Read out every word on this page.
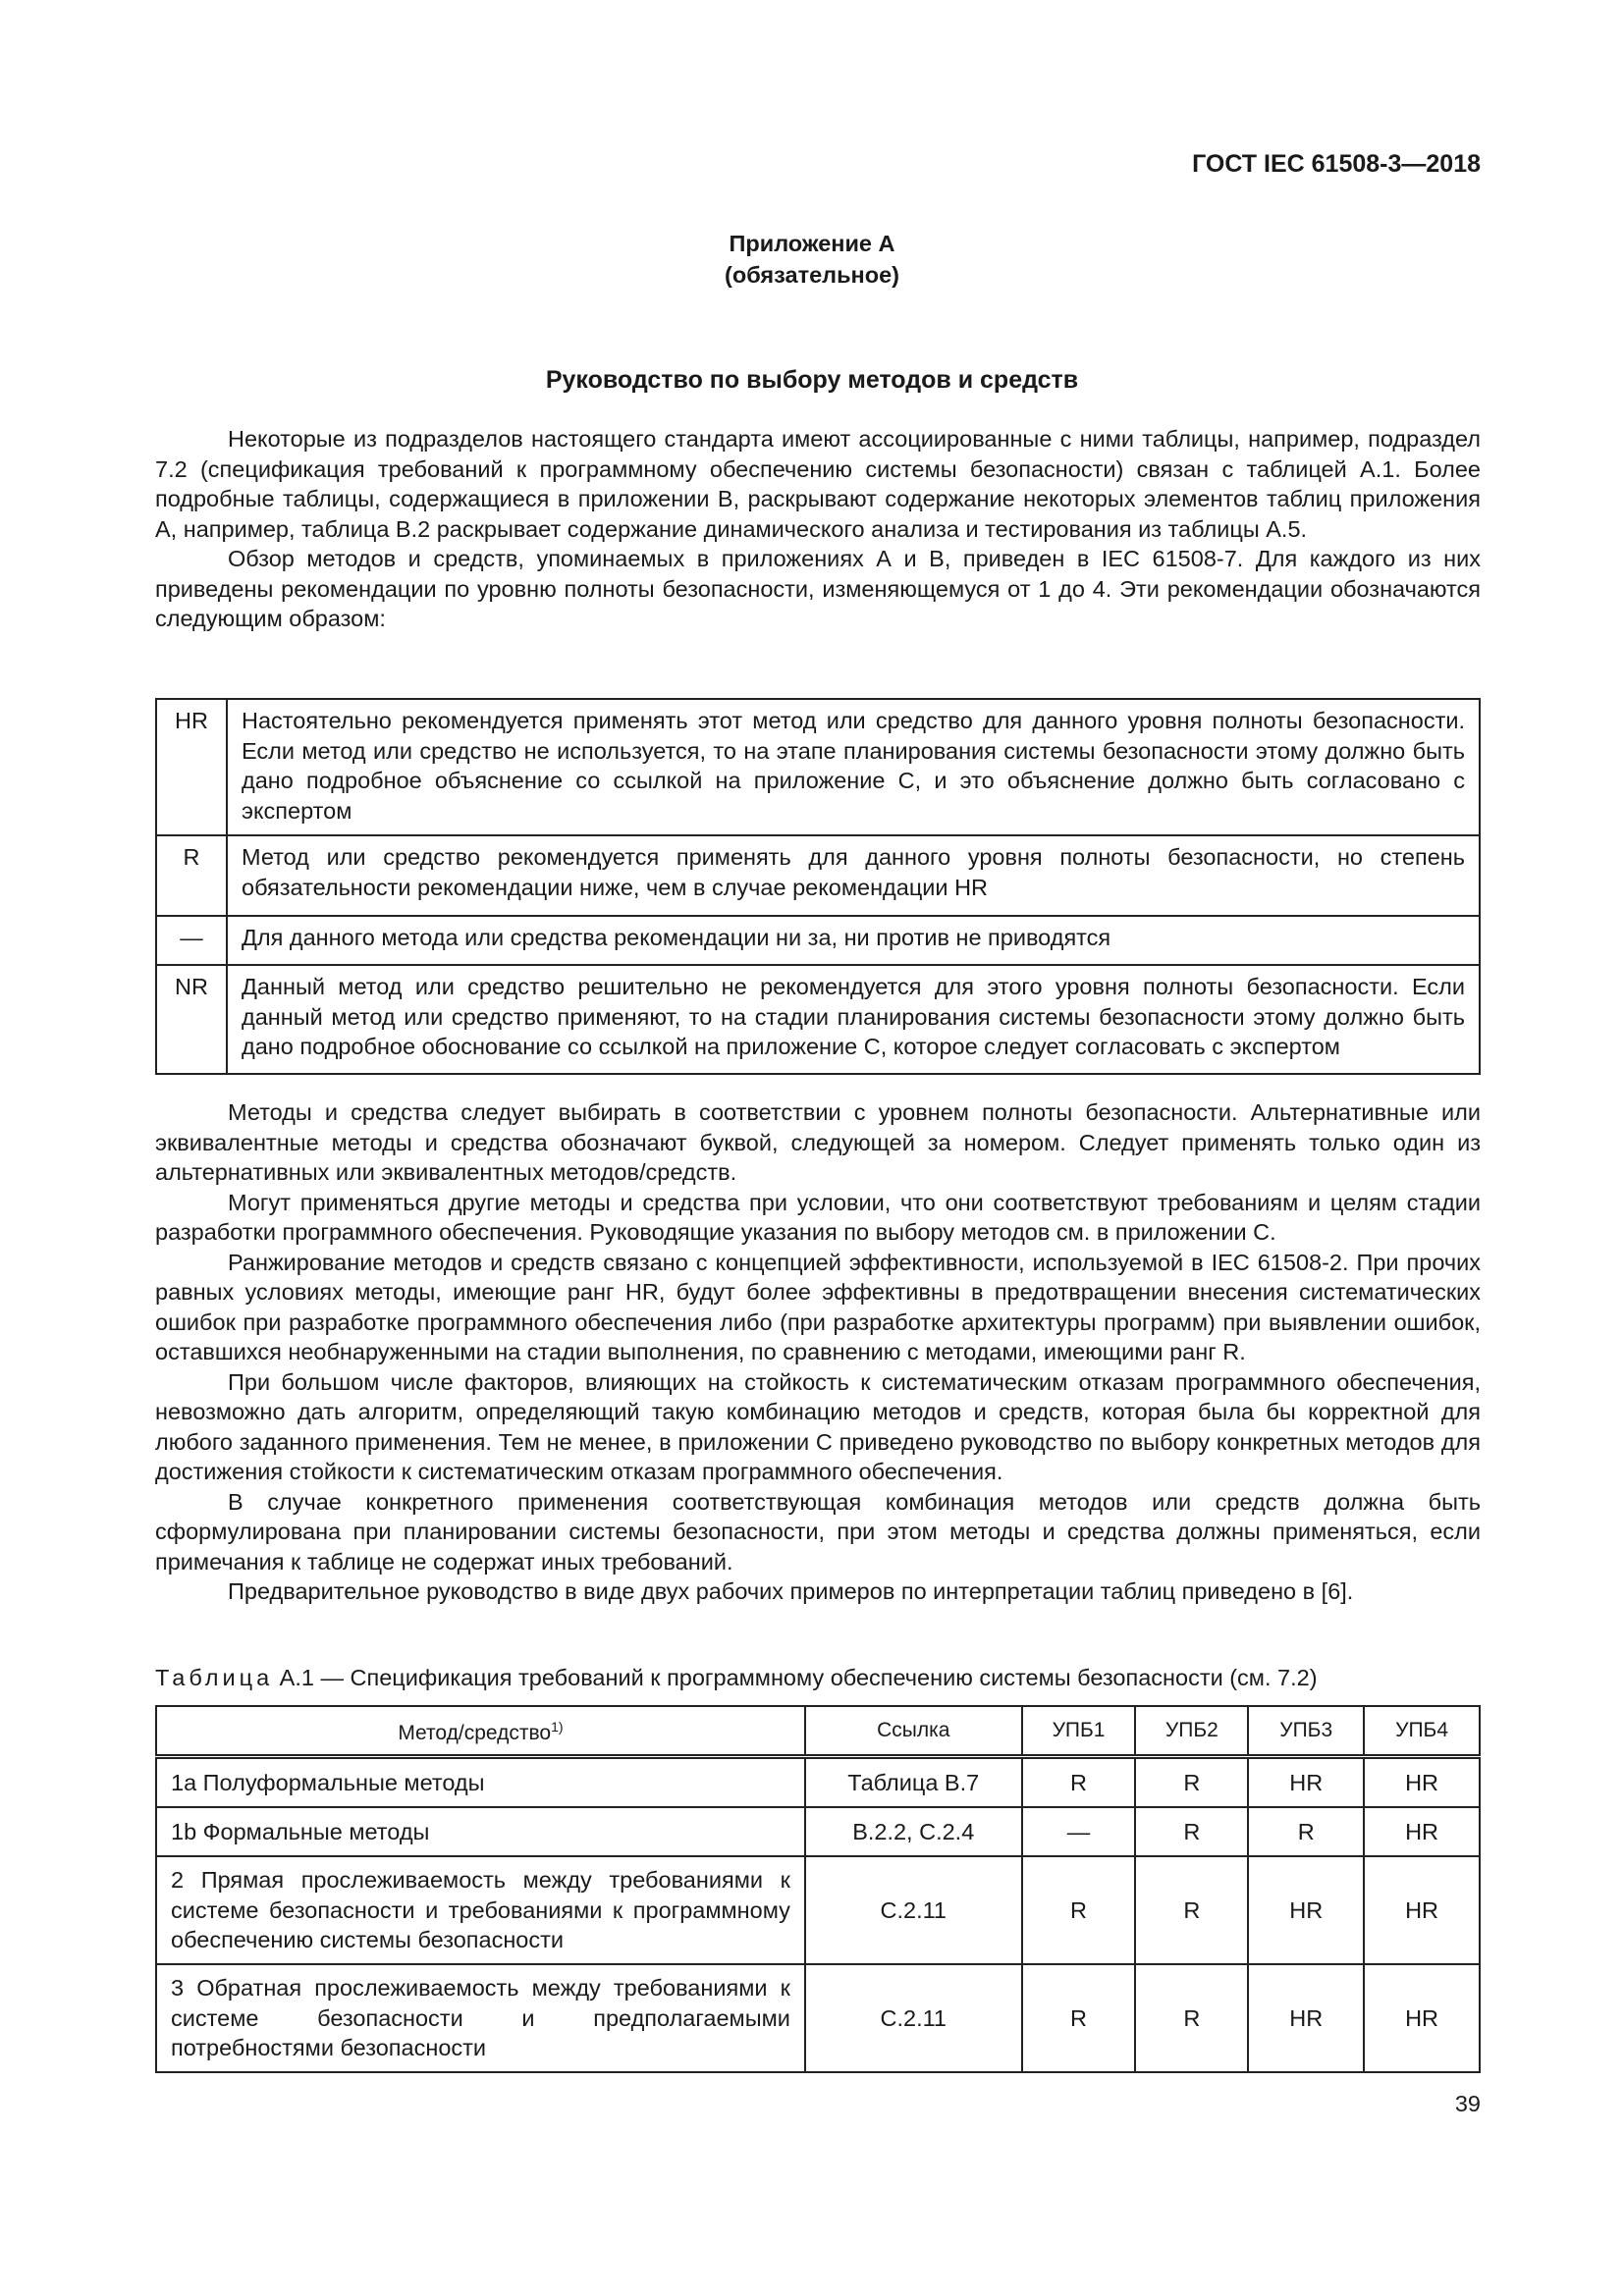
ГОСТ IEC 61508-3—2018
Приложение А
(обязательное)
Руководство по выбору методов и средств

Некоторые из подразделов настоящего стандарта имеют ассоциированные с ними таблицы, например, подраздел 7.2 (спецификация требований к программному обеспечению системы безопасности) связан с таблицей А.1. Более подробные таблицы, содержащиеся в приложении В, раскрывают содержание некоторых элементов таблиц приложения А, например, таблица В.2 раскрывает содержание динамического анализа и тестирования из таблицы А.5.

Обзор методов и средств, упоминаемых в приложениях А и В, приведен в IEC 61508-7. Для каждого из них приведены рекомендации по уровню полноты безопасности, изменяющемуся от 1 до 4. Эти рекомендации обозначаются следующим образом:

HR	Настоятельно рекомендуется применять этот метод или средство для данного уровня полноты безопасности. Если метод или средство не используется, то на этапе планирования системы безопасности этому должно быть дано подробное объяснение со ссылкой на приложение С, и это объяснение должно быть согласовано с экспертом
R	Метод или средство рекомендуется применять для данного уровня полноты безопасности, но степень обязательности рекомендации ниже, чем в случае рекомендации HR
—	Для данного метода или средства рекомендации ни за, ни против не приводятся
NR	Данный метод или средство решительно не рекомендуется для этого уровня полноты безопасности. Если данный метод или средство применяют, то на стадии планирования системы безопасности этому должно быть дано подробное обоснование со ссылкой на приложение С, которое следует согласовать с экспертом

Методы и средства следует выбирать в соответствии с уровнем полноты безопасности. Альтернативные или эквивалентные методы и средства обозначают буквой, следующей за номером. Следует применять только один из альтернативных или эквивалентных методов/средств.

Могут применяться другие методы и средства при условии, что они соответствуют требованиям и целям стадии разработки программного обеспечения. Руководящие указания по выбору методов см. в приложении С.

Ранжирование методов и средств связано с концепцией эффективности, используемой в IEC 61508-2. При прочих равных условиях методы, имеющие ранг HR, будут более эффективны в предотвращении внесения систематических ошибок при разработке программного обеспечения либо (при разработке архитектуры программ) при выявлении ошибок, оставшихся необнаруженными на стадии выполнения, по сравнению с методами, имеющими ранг R.

При большом числе факторов, влияющих на стойкость к систематическим отказам программного обеспечения, невозможно дать алгоритм, определяющий такую комбинацию методов и средств, которая была бы корректной для любого заданного применения. Тем не менее, в приложении С приведено руководство по выбору конкретных методов для достижения стойкости к систематическим отказам программного обеспечения.

В случае конкретного применения соответствующая комбинация методов или средств должна быть сформулирована при планировании системы безопасности, при этом методы и средства должны применяться, если примечания к таблице не содержат иных требований.

Предварительное руководство в виде двух рабочих примеров по интерпретации таблиц приведено в [6].

Таблица А.1 — Спецификация требований к программному обеспечению системы безопасности (см. 7.2)
Метод/средство$^{1)}$	Ссылка	УПБ1	УПБ2	УПБ3	УПБ4
1a Полуформальные методы	Таблица В.7	R	R	HR	HR
1b Формальные методы	В.2.2, С.2.4	—	R	R	HR
2 Прямая прослеживаемость между требованиями к системе безопасности и требованиями к программному обеспечению системы безопасности	С.2.11	R	R	HR	HR
3 Обратная прослеживаемость между требованиями к системе безопасности и предполагаемыми потребностями безопасности	С.2.11	R	R	HR	HR
39
